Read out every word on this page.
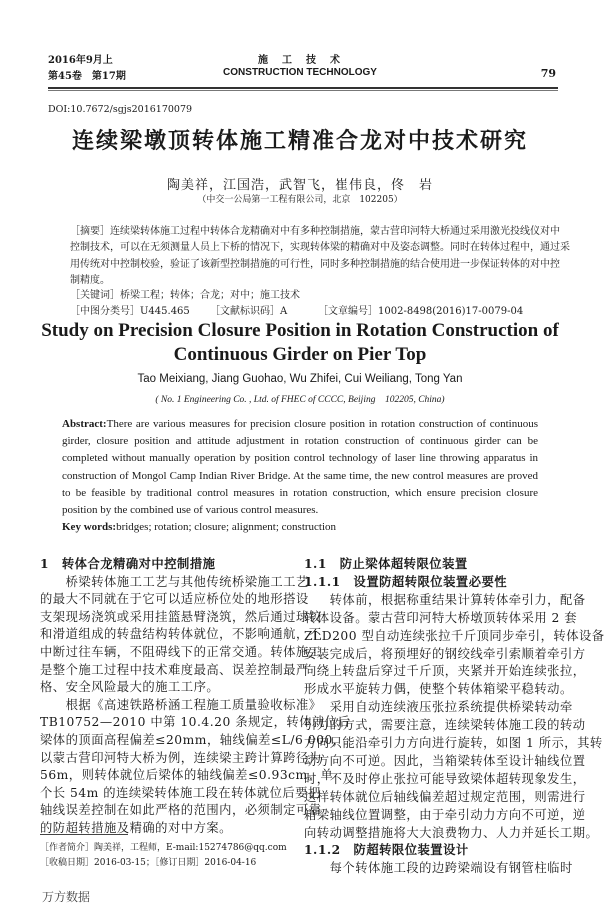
2016年9月上
第45卷　第17期
施　工　技　术
CONSTRUCTION TECHNOLOGY	79
DOI:10.7672/sgjs2016170079
连续梁墩顶转体施工精准合龙对中技术研究
陶美祥，江国浩，武智飞，崔伟良，佟　岩
（中交一公局第一工程有限公司，北京　102205）
［摘要］连续梁转体施工过程中转体合龙精确对中有多种控制措施，蒙古营印河特大桥通过采用激光投线仪对中
控制技术，可以在无须测量人员上下桥的情况下，实现转体梁的精确对中及姿态调整。同时在转体过程中，通过采
用传统对中控制校验，验证了该新型控制措施的可行性，同时多种控制措施的结合使用进一步保证转体的对中控
制精度。
［关键词］桥梁工程；转体；合龙；对中；施工技术
［中图分类号］U445.465 ［文献标识码］A	［文章编号］1002-8498(2016)17-0079-04
Study on Precision Closure Position in Rotation Construction of
Continuous Girder on Pier Top
Tao Meixiang, Jiang Guohao, Wu Zhifei, Cui Weiliang, Tong Yan
( No. 1 Engineering Co. , Ltd. of FHEC of CCCC, Beijing　102205, China)
Abstract:There are various measures for precision closure position in rotation construction of continuous
girder, closure position and attitude adjustment in rotation construction of continuous girder can be
completed without manually operation by position control technology of laser line throwing apparatus in
construction of Mongol Camp Indian River Bridge. At the same time, the new control measures are proved
to be feasible by traditional control measures in rotation construction, which ensure precision closure
position by the combined use of various control measures.
Key words:bridges; rotation; closure; alignment; construction
1　转体合龙精确对中控制措施
　　桥梁转体施工工艺与其他传统桥梁施工工艺
的最大不同就在于它可以适应桥位处的地形搭设
支架现场浇筑或采用挂篮悬臂浇筑，然后通过球铰
和滑道组成的转盘结构转体就位，不影响通航，不
中断过往车辆，不阻碍线下的正常交通。转体施工
是整个施工过程中技术难度最高、误差控制最严
格、安全风险最大的施工工序。
　　根据《高速铁路桥涵工程施工质量验收标准》
TB10752—2010 中第 10.4.20 条规定，转体就位后
梁体的顶面高程偏差≤20mm，轴线偏差≤L/6 000，
以蒙古营印河特大桥为例，连续梁主跨计算跨径为
56m，则转体就位后梁体的轴线偏差≤0.93cm。单
个长 54m 的连续梁转体施工段在转体就位后要把
轴线误差控制在如此严格的范围内，必须制定可靠
的防超转措施及精确的对中方案。
1.1　防止梁体超转限位装置
1.1.1　设置防超转限位装置必要性
　　转体前，根据称重结果计算转体牵引力，配备
转体设备。蒙古营印河特大桥墩顶转体采用 2 套
ZLD200 型自动连续张拉千斤顶同步牵引，转体设备
安装完成后，将预埋好的钢绞线牵引索顺着牵引方
向绕上转盘后穿过千斤顶，夹紧并开始连续张拉，
形成水平旋转力偶，使整个转体箱梁平稳转动。
　　采用自动连续液压张拉系统提供桥梁转动牵
引力的方式，需要注意，连续梁转体施工段的转动
方向只能沿牵引力方向进行旋转，如图 1 所示，其转
动方向不可逆。因此，当箱梁转体至设计轴线位置
时，不及时停止张拉可能导致梁体超转现象发生，
这样转体就位后轴线偏差超过规定范围，则需进行
箱梁轴线位置调整，由于牵引动力方向不可逆，逆
向转动调整措施将大大浪费物力、人力并延长工期。
1.1.2　防超转限位装置设计
　　每个转体施工段的边跨梁端设有钢管柱临时
［作者简介］陶美祥，工程师，E-mail:15274786@qq.com
［收稿日期］2016-03-15；［修订日期］2016-04-16
万方数据
